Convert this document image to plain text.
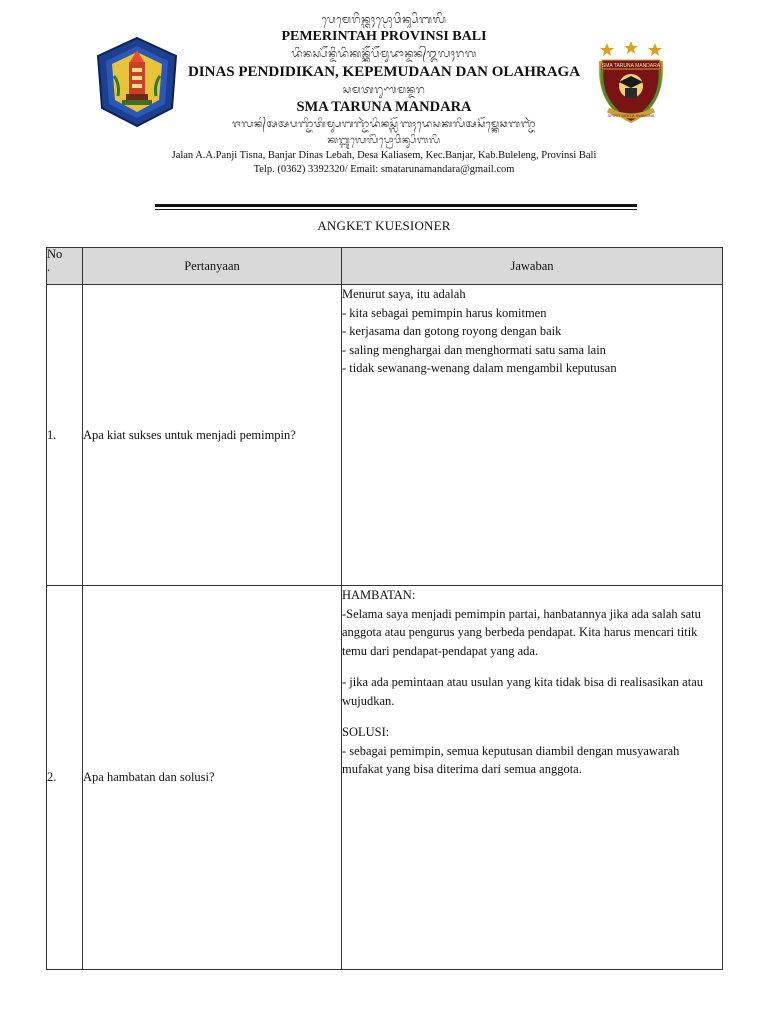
ᬧᬾᬫᬾᬭᬶᬦ᭄ᬢᬄᬧ᭄ᬭᭀᬯᬶᬦ᭄ᬲᬶᬩᬮᬶ
PEMERINTAH PROVINSI BALI
ᬤᬶᬦᬲ᭄ᬧᭂᬦ᭄ᬤᬶᬤᬶᬓᬦ᭄ᬓᭂᬧᭂᬫᬸᬤᬵᬦ᭄ᬤᬦ᭄ᬑᬮᬄᬭᬕ
DINAS PENDIDIKAN, KEPEMUDAAN DAN OLAHRAGA
ᬲᬫᬢᬭᬸᬡᬫᬦ᭄ᬤᬭ
SMA TARUNA MANDARA
ᬚᬮᬦ᭄ᬅᬅᬧᬜ᭄ᬚᬶᬢᬶᬫ᭄ᬲᬩᬜ᭄ᬚᬃᬤᬶᬦᬲ᭄ᬮᭂᬩᬄᬤᬾᬲᬓᬮᬶᬅᬲᭂᬫ᭄ᬓᬾᬘᬩᬜ᭄ᬚᬃ
ᬓᬩ᭄ᬩᬸᬮᬾᬮᭂᬂᬧ᭄ᬭᭀᬯᬶᬦ᭄ᬲᬶᬩᬮᬶ
Jalan A.A.Panji Tisna, Banjar Dinas Lebah, Desa Kaliasem, Kec.Banjar, Kab.Buleleng, Provinsi Bali
Telp. (0362) 3392320/ Email: smatarunamandara@gmail.com
SMA TARUNA MANDARA
SPIRIT DEKLA SWAMINA
ANGKET KUESIONER
No
.	Pertanyaan	Jawaban
1.	Apa kiat sukses untuk menjadi pemimpin?	Menurut saya, itu adalah
- kita sebagai pemimpin harus komitmen
- kerjasama dan gotong royong dengan baik
- saling menghargai dan menghormati satu sama lain
- tidak sewanang-wenang dalam mengambil keputusan

2.	Apa hambatan dan solusi?	HAMBATAN:
-Selama saya menjadi pemimpin partai, hanbatannya jika ada salah satu anggota atau pengurus yang berbeda pendapat. Kita harus mencari titik temu dari pendapat-pendapat yang ada.
- jika ada pemintaan atau usulan yang kita tidak bisa di realisasikan atau wujudkan.
SOLUSI:
- sebagai pemimpin, semua keputusan diambil dengan musyawarah mufakat yang bisa diterima dari semua anggota.
